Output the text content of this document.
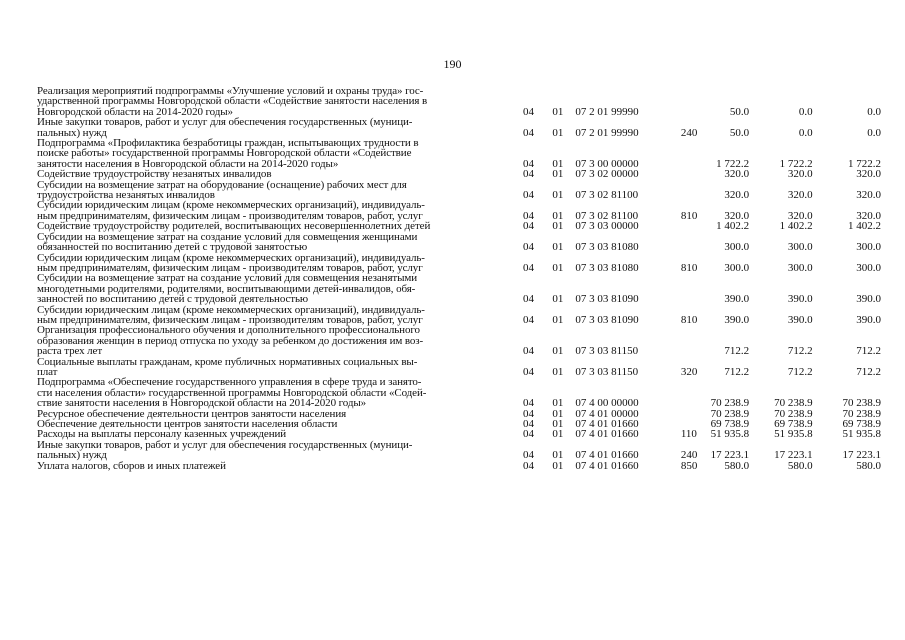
190
Реализация мероприятий подпрограммы «Улучшение условий и охраны труда» гос-
ударственной программы Новгородской области «Содействие занятости населения в
Новгородской области на 2014-2020 годы»	04	01	07 2 01 99990	50.0	0.0	0.0
Иные закупки товаров, работ и услуг для обеспечения государственных (муници-
пальных) нужд	04	01	07 2 01 99990	240	50.0	0.0	0.0
Подпрограмма «Профилактика безработицы граждан, испытывающих трудности в
поиске работы» государственной программы Новгородской области «Содействие
занятости населения в Новгородской области на 2014-2020 годы»	04	01	07 3 00 00000	1 722.2	1 722.2	1 722.2
Содействие трудоустройству незанятых инвалидов	04	01	07 3 02 00000	320.0	320.0	320.0
Субсидии на возмещение затрат на оборудование (оснащение) рабочих мест для
трудоустройства незанятых инвалидов	04	01	07 3 02 81100	320.0	320.0	320.0
Субсидии юридическим лицам (кроме некоммерческих организаций), индивидуаль-
ным предпринимателям, физическим лицам - производителям товаров, работ, услуг	04	01	07 3 02 81100	810	320.0	320.0	320.0
Содействие трудоустройству родителей, воспитывающих несовершеннолетних детей	04	01	07 3 03 00000	1 402.2	1 402.2	1 402.2
Субсидии на возмещение затрат на создание условий для совмещения женщинами
обязанностей по воспитанию детей с трудовой занятостью	04	01	07 3 03 81080	300.0	300.0	300.0
Субсидии юридическим лицам (кроме некоммерческих организаций), индивидуаль-
ным предпринимателям, физическим лицам - производителям товаров, работ, услуг	04	01	07 3 03 81080	810	300.0	300.0	300.0
Субсидии на возмещение затрат на создание условий для совмещения незанятыми
многодетными родителями, родителями, воспитывающими детей-инвалидов, обя-
занностей по воспитанию детей с трудовой деятельностью	04	01	07 3 03 81090	390.0	390.0	390.0
Субсидии юридическим лицам (кроме некоммерческих организаций), индивидуаль-
ным предпринимателям, физическим лицам - производителям товаров, работ, услуг	04	01	07 3 03 81090	810	390.0	390.0	390.0
Организация профессионального обучения и дополнительного профессионального
образования женщин в период отпуска по уходу за ребенком до достижения им воз-
раста трех лет	04	01	07 3 03 81150	712.2	712.2	712.2
Социальные выплаты гражданам, кроме публичных нормативных социальных вы-
плат	04	01	07 3 03 81150	320	712.2	712.2	712.2
Подпрограмма «Обеспечение государственного управления в сфере труда и занято-
сти населения области» государственной программы Новгородской области «Содей-
ствие занятости населения в Новгородской области на 2014-2020 годы»	04	01	07 4 00 00000	70 238.9	70 238.9	70 238.9
Ресурсное обеспечение деятельности центров занятости населения	04	01	07 4 01 00000	70 238.9	70 238.9	70 238.9
Обеспечение деятельности центров занятости населения области	04	01	07 4 01 01660	69 738.9	69 738.9	69 738.9
Расходы на выплаты персоналу казенных учреждений	04	01	07 4 01 01660	110	51 935.8	51 935.8	51 935.8
Иные закупки товаров, работ и услуг для обеспечения государственных (муници-
пальных) нужд	04	01	07 4 01 01660	240	17 223.1	17 223.1	17 223.1
Уплата налогов, сборов и иных платежей	04	01	07 4 01 01660	850	580.0	580.0	580.0
